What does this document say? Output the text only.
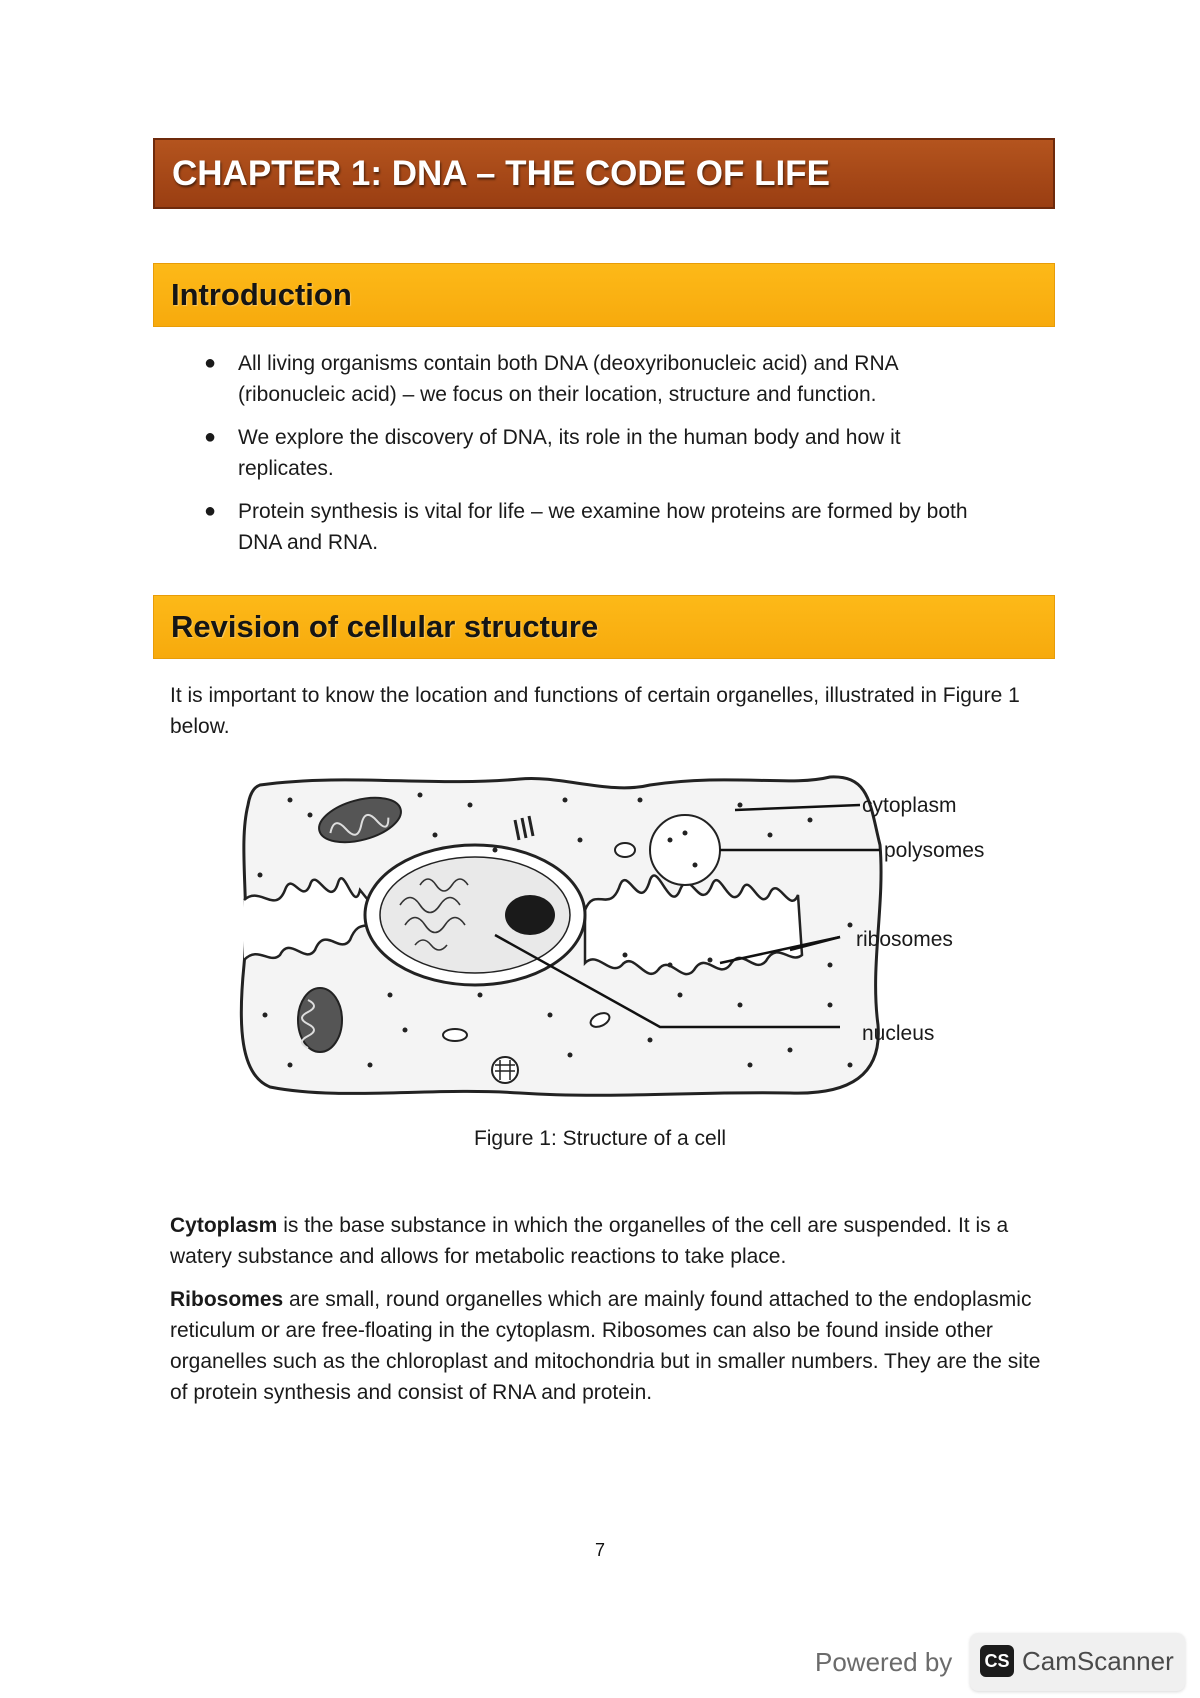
CHAPTER 1: DNA – THE CODE OF LIFE
Introduction
● All living organisms contain both DNA (deoxyribonucleic acid) and RNA (ribonucleic acid) – we focus on their location, structure and function.
● We explore the discovery of DNA, its role in the human body and how it replicates.
● Protein synthesis is vital for life – we examine how proteins are formed by both DNA and RNA.
Revision of cellular structure

It is important to know the location and functions of certain organelles, illustrated in Figure 1 below.

cytoplasm
polysomes
ribosomes
nucleus
Figure 1: Structure of a cell

Cytoplasm is the base substance in which the organelles of the cell are suspended. It is a watery substance and allows for metabolic reactions to take place.

Ribosomes are small, round organelles which are mainly found attached to the endoplasmic reticulum or are free-floating in the cytoplasm. Ribosomes can also be found inside other organelles such as the chloroplast and mitochondria but in smaller numbers. They are the site of protein synthesis and consist of RNA and protein.

7
Powered by CS CamScanner
